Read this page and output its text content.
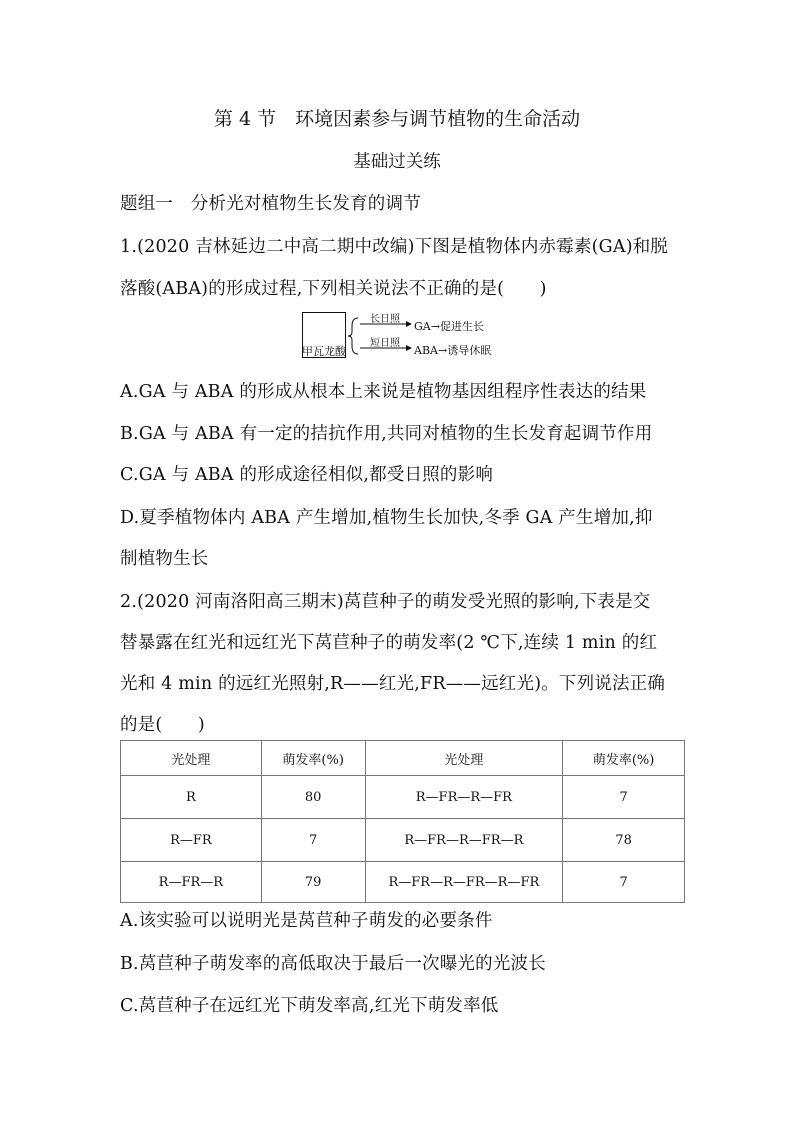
第 4 节　环境因素参与调节植物的生命活动
基础过关练
题组一　分析光对植物生长发育的调节
1.(2020 吉林延边二中高二期中改编)下图是植物体内赤霉素(GA)和脱
落酸(ABA)的形成过程,下列相关说法不正确的是(　　)
甲瓦龙酸
长日照
GA→促进生长
短日照
ABA→诱导休眠
A.GA 与 ABA 的形成从根本上来说是植物基因组程序性表达的结果
B.GA 与 ABA 有一定的拮抗作用,共同对植物的生长发育起调节作用
C.GA 与 ABA 的形成途径相似,都受日照的影响
D.夏季植物体内 ABA 产生增加,植物生长加快,冬季 GA 产生增加,抑
制植物生长
2.(2020 河南洛阳高三期末)莴苣种子的萌发受光照的影响,下表是交
替暴露在红光和远红光下莴苣种子的萌发率(2 ℃下,连续 1 min 的红
光和 4 min 的远红光照射,R——红光,FR——远红光)。下列说法正确
的是(　　)
光处理	萌发率(%)	光处理	萌发率(%)
R	80	R—FR—R—FR	7
R—FR	7	R—FR—R—FR—R	78
R—FR—R	79	R—FR—R—FR—R—FR	7
A.该实验可以说明光是莴苣种子萌发的必要条件
B.莴苣种子萌发率的高低取决于最后一次曝光的光波长
C.莴苣种子在远红光下萌发率高,红光下萌发率低
